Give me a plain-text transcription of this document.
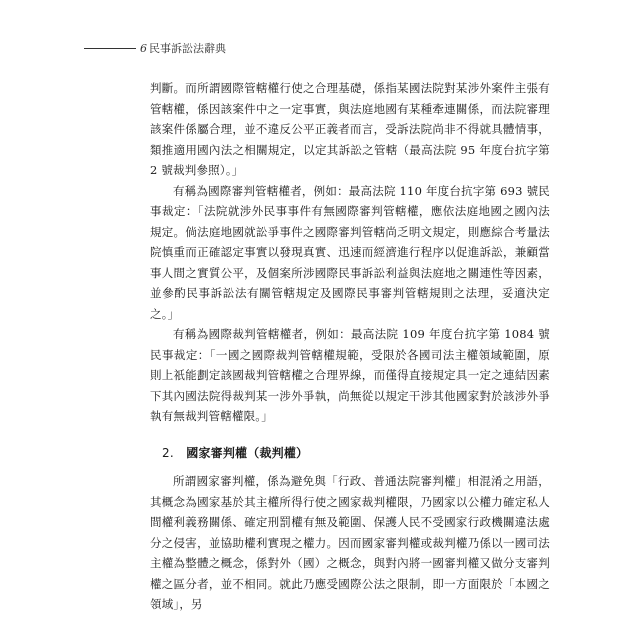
6 民事訴訟法辭典

判斷。而所謂國際管轄權行使之合理基礎，係指某國法院對某涉外案件主張有管轄權，係因該案件中之一定事實，與法庭地國有某種牽連關係，而法院審理該案件係屬合理，並不違反公平正義者而言，受訴法院尚非不得就具體情事，類推適用國內法之相關規定，以定其訴訟之管轄（最高法院 95 年度台抗字第 2 號裁判參照）。」

有稱為國際審判管轄權者，例如：最高法院 110 年度台抗字第 693 號民事裁定：「法院就涉外民事事件有無國際審判管轄權，應依法庭地國之國內法規定。倘法庭地國就訟爭事件之國際審判管轄尚乏明文規定，則應綜合考量法院慎重而正確認定事實以發現真實、迅速而經濟進行程序以促進訴訟，兼顧當事人間之實質公平，及個案所涉國際民事訴訟利益與法庭地之關連性等因素，並參酌民事訴訟法有關管轄規定及國際民事審判管轄規則之法理，妥適決定之。」

有稱為國際裁判管轄權者，例如：最高法院 109 年度台抗字第 1084 號民事裁定：「一國之國際裁判管轄權規範，受限於各國司法主權領域範圍，原則上祇能劃定該國裁判管轄權之合理界線，而僅得直接規定具一定之連結因素下其內國法院得裁判某一涉外爭執，尚無從以規定干涉其他國家對於該涉外爭執有無裁判管轄權限。」

2. 國家審判權（裁判權）

所謂國家審判權，係為避免與「行政、普通法院審判權」相混淆之用語，其概念為國家基於其主權所得行使之國家裁判權限，乃國家以公權力確定私人間權利義務關係、確定刑罰權有無及範圍、保護人民不受國家行政機關違法處分之侵害，並協助權利實現之權力。因而國家審判權或裁判權乃係以一國司法主權為整體之概念，係對外（國）之概念，與對內將一國審判權又做分支審判權之區分者，並不相同。就此乃應受國際公法之限制，即一方面限於「本國之領域」，另
